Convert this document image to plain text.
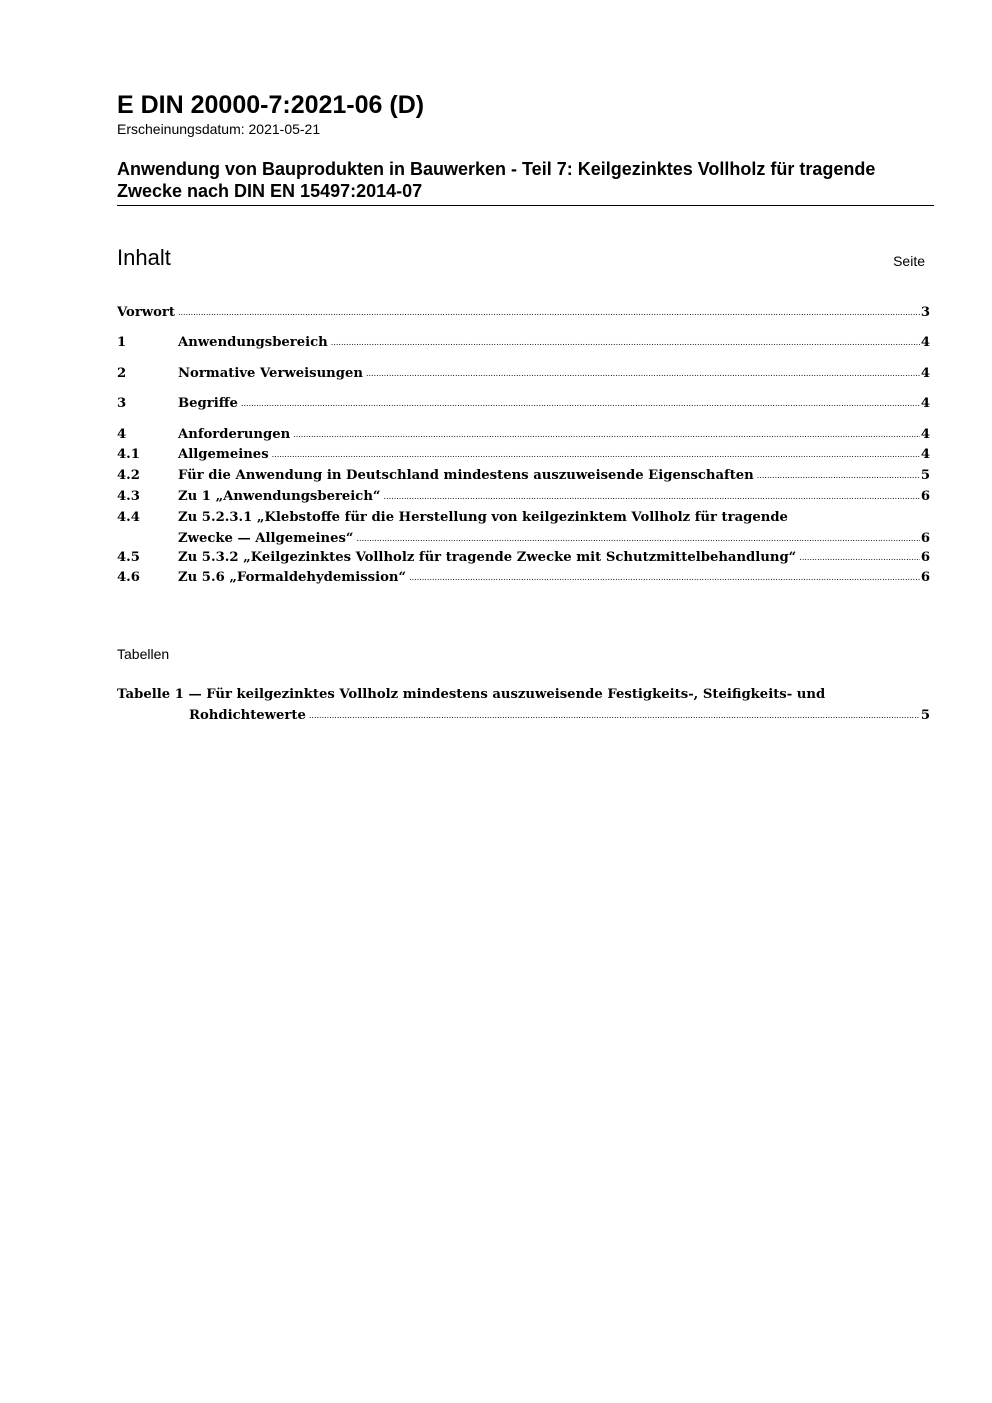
E DIN 20000-7:2021-06 (D)
Erscheinungsdatum: 2021-05-21
Anwendung von Bauprodukten in Bauwerken - Teil 7: Keilgezinktes Vollholz für tragende Zwecke nach DIN EN 15497:2014-07
Inhalt	Seite
Vorwort .....	3
1	Anwendungsbereich .....	4
2	Normative Verweisungen .....	4
3	Begriffe .....	4
4	Anforderungen .....	4
4.1	Allgemeines .....	4
4.2	Für die Anwendung in Deutschland mindestens auszuweisende Eigenschaften .....	5
4.3	Zu 1 „Anwendungsbereich“ .....	6
4.4	Zu 5.2.3.1 „Klebstoffe für die Herstellung von keilgezinktem Vollholz für tragende
Zwecke — Allgemeines“ .....	6
4.5	Zu 5.3.2 „Keilgezinktes Vollholz für tragende Zwecke mit Schutzmittelbehandlung“ .....	6
4.6	Zu 5.6 „Formaldehydemission“ .....	6
Tabellen
Tabelle 1 — Für keilgezinktes Vollholz mindestens auszuweisende Festigkeits-, Steifigkeits- und
Rohdichtewerte .....	5
